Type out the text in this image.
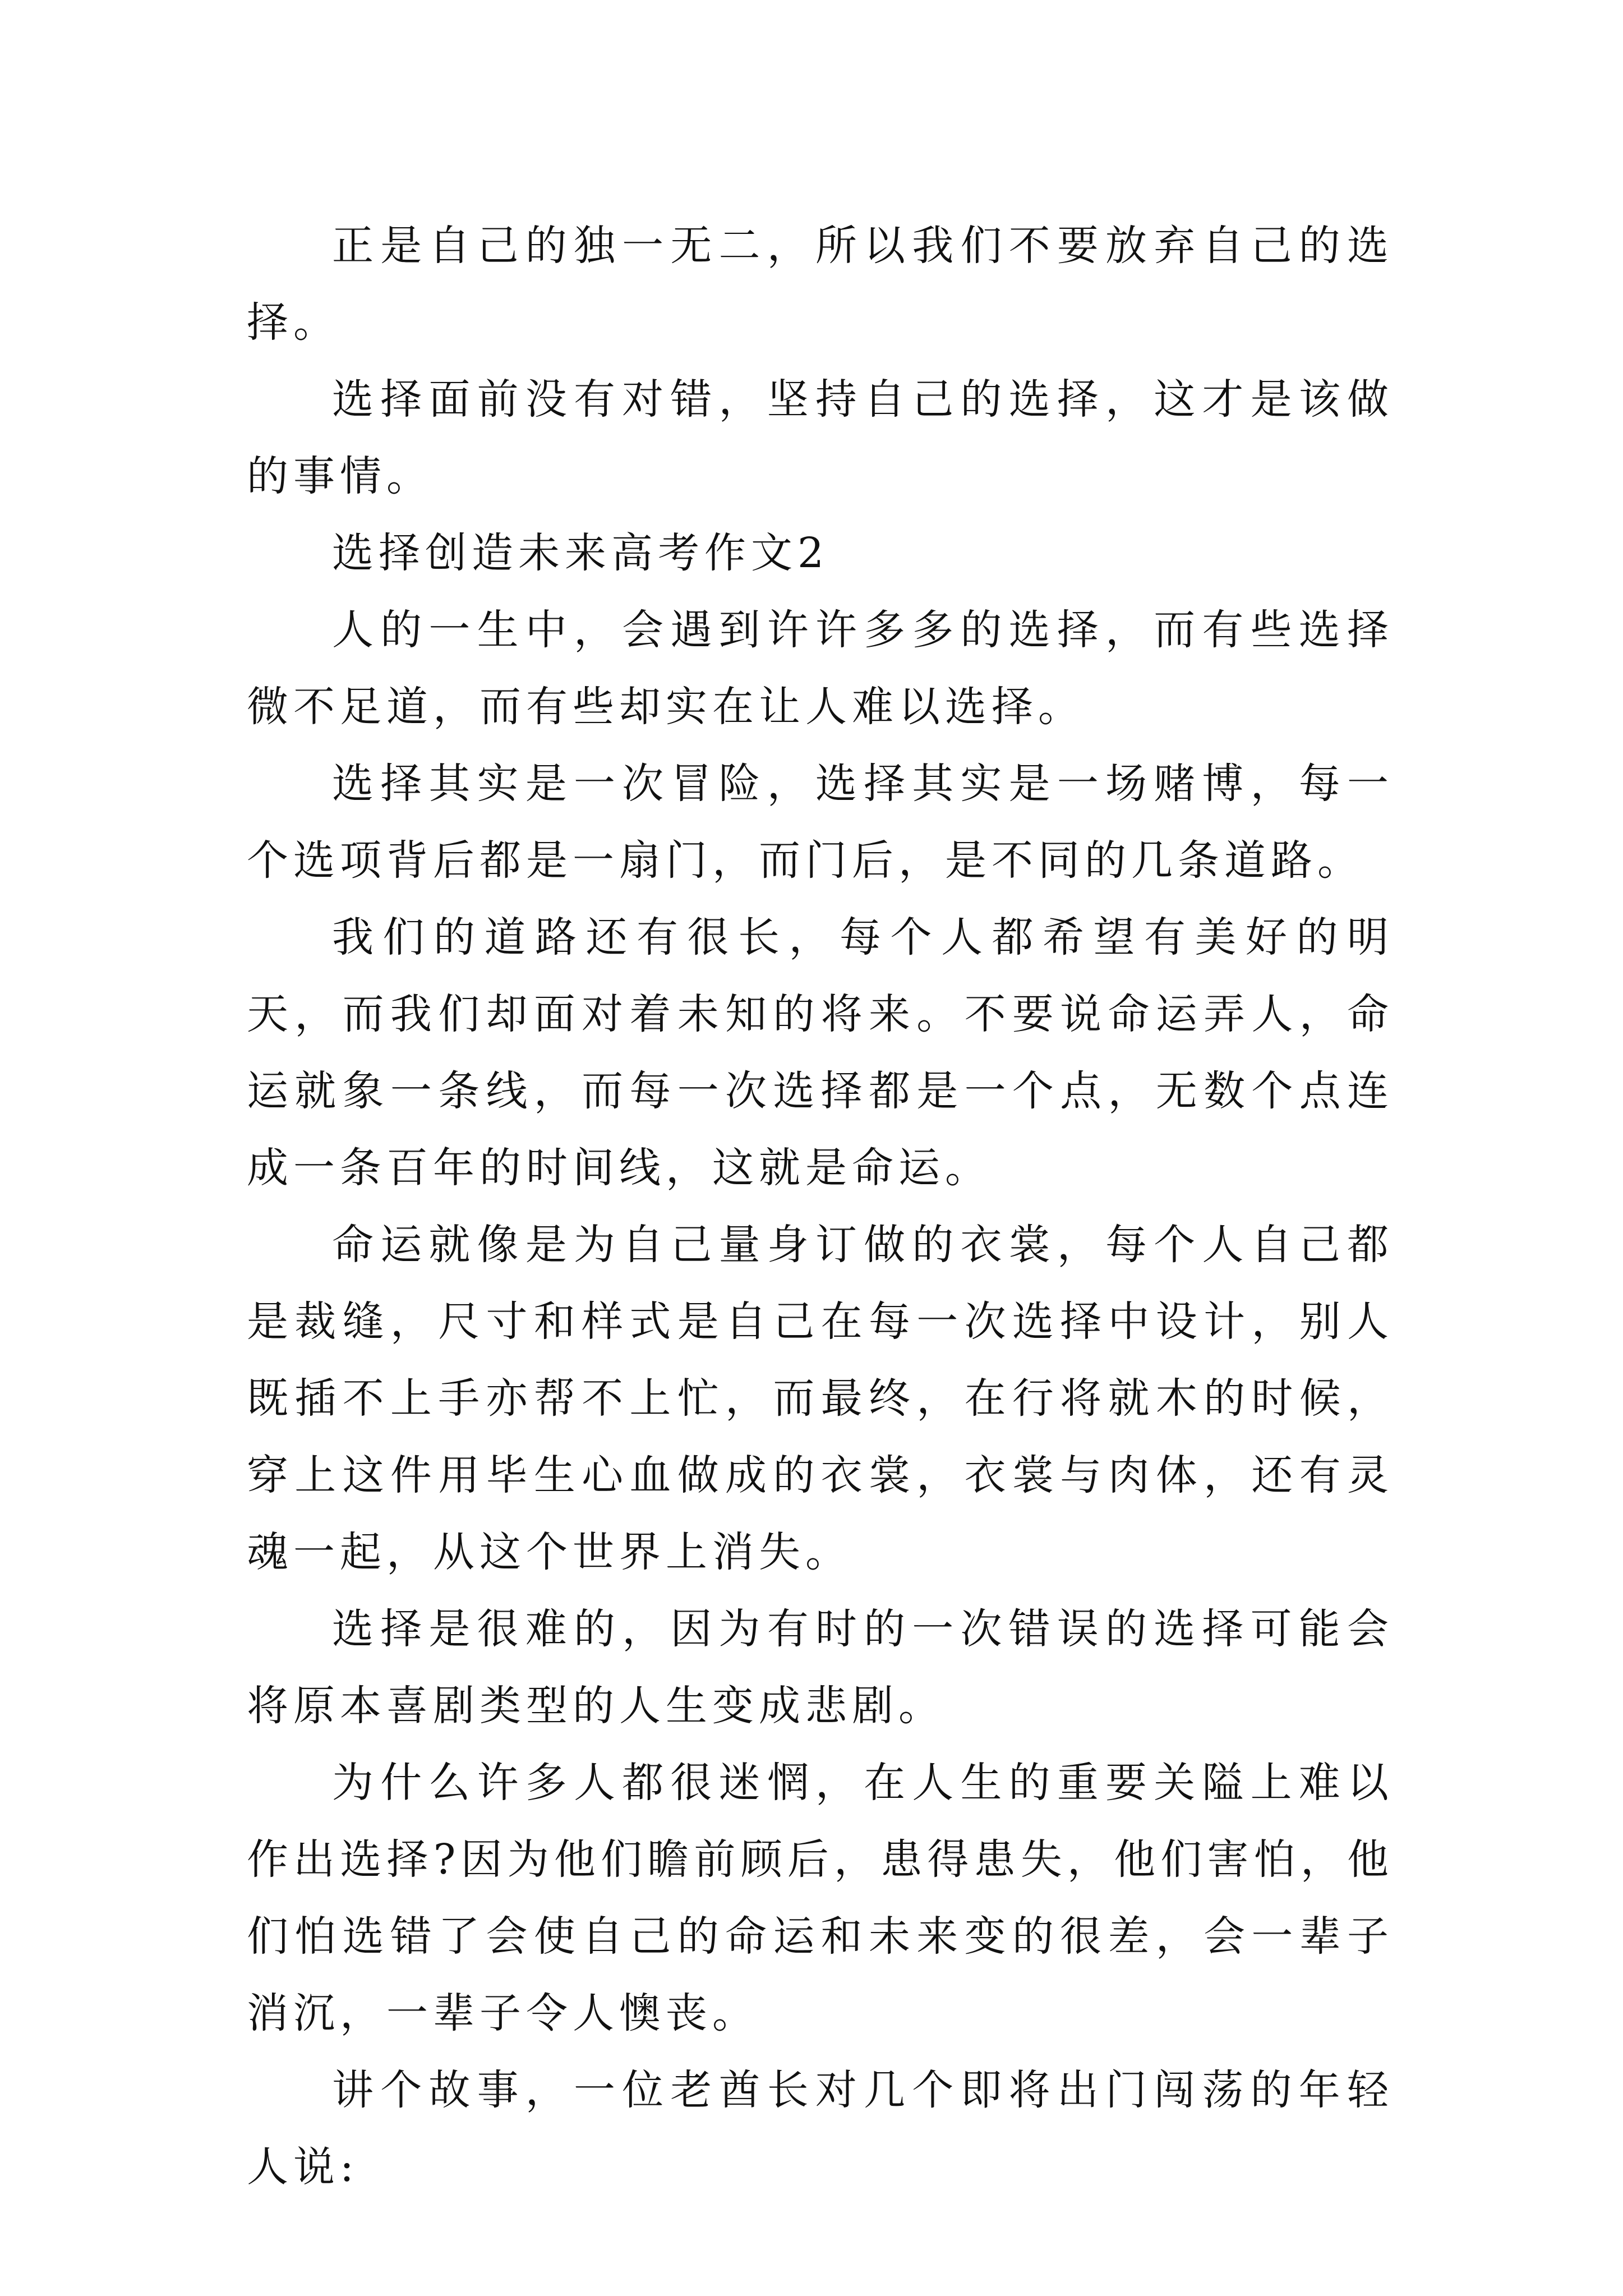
正是自己的独一无二，所以我们不要放弃自己的选择。

选择面前没有对错，坚持自己的选择，这才是该做的事情。

选择创造未来高考作文2

人的一生中，会遇到许许多多的选择，而有些选择微不足道，而有些却实在让人难以选择。

选择其实是一次冒险，选择其实是一场赌博，每一个选项背后都是一扇门，而门后，是不同的几条道路。

我们的道路还有很长，每个人都希望有美好的明天，而我们却面对着未知的将来。不要说命运弄人，命运就象一条线，而每一次选择都是一个点，无数个点连成一条百年的时间线，这就是命运。

命运就像是为自己量身订做的衣裳，每个人自己都是裁缝，尺寸和样式是自己在每一次选择中设计，别人既插不上手亦帮不上忙，而最终，在行将就木的时候，穿上这件用毕生心血做成的衣裳，衣裳与肉体，还有灵魂一起，从这个世界上消失。

选择是很难的，因为有时的一次错误的选择可能会将原本喜剧类型的人生变成悲剧。

为什么许多人都很迷惘，在人生的重要关隘上难以作出选择?因为他们瞻前顾后，患得患失，他们害怕，他们怕选错了会使自己的命运和未来变的很差，会一辈子消沉，一辈子令人懊丧。

讲个故事，一位老酋长对几个即将出门闯荡的年轻人说:
